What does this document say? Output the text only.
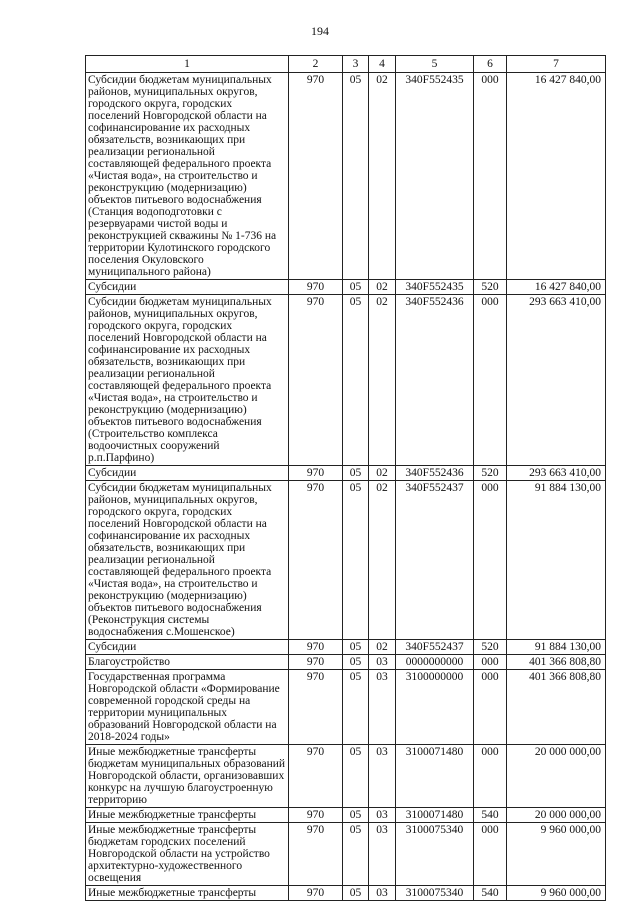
194
1	2	3	4	5	6	7
Субсидии бюджетам муниципальных районов, муниципальных округов, городского округа, городских поселений Новгородской области на софинансирование их расходных обязательств, возникающих при реализации региональной составляющей федерального проекта «Чистая вода», на строительство и реконструкцию (модернизацию) объектов питьевого водоснабжения (Станция водоподготовки с резервуарами чистой воды и реконструкцией скважины № 1-736 на территории Кулотинского городского поселения Окуловского муниципального района)	970	05	02	340F552435	000	16 427 840,00
Субсидии	970	05	02	340F552435	520	16 427 840,00
Субсидии бюджетам муниципальных районов, муниципальных округов, городского округа, городских поселений Новгородской области на софинансирование их расходных обязательств, возникающих при реализации региональной составляющей федерального проекта «Чистая вода», на строительство и реконструкцию (модернизацию) объектов питьевого водоснабжения (Строительство комплекса водоочистных сооружений р.п.Парфино)	970	05	02	340F552436	000	293 663 410,00
Субсидии	970	05	02	340F552436	520	293 663 410,00
Субсидии бюджетам муниципальных районов, муниципальных округов, городского округа, городских поселений Новгородской области на софинансирование их расходных обязательств, возникающих при реализации региональной составляющей федерального проекта «Чистая вода», на строительство и реконструкцию (модернизацию) объектов питьевого водоснабжения (Реконструкция системы водоснабжения с.Мошенское)	970	05	02	340F552437	000	91 884 130,00
Субсидии	970	05	02	340F552437	520	91 884 130,00
Благоустройство	970	05	03	0000000000	000	401 366 808,80
Государственная программа Новгородской области «Формирование современной городской среды на территории муниципальных образований Новгородской области на 2018-2024 годы»	970	05	03	3100000000	000	401 366 808,80
Иные межбюджетные трансферты бюджетам муниципальных образований Новгородской области, организовавших конкурс на лучшую благоустроенную территорию	970	05	03	3100071480	000	20 000 000,00
Иные межбюджетные трансферты	970	05	03	3100071480	540	20 000 000,00
Иные межбюджетные трансферты бюджетам городских поселений Новгородской области на устройство архитектурно-художественного освещения	970	05	03	3100075340	000	9 960 000,00
Иные межбюджетные трансферты	970	05	03	3100075340	540	9 960 000,00
